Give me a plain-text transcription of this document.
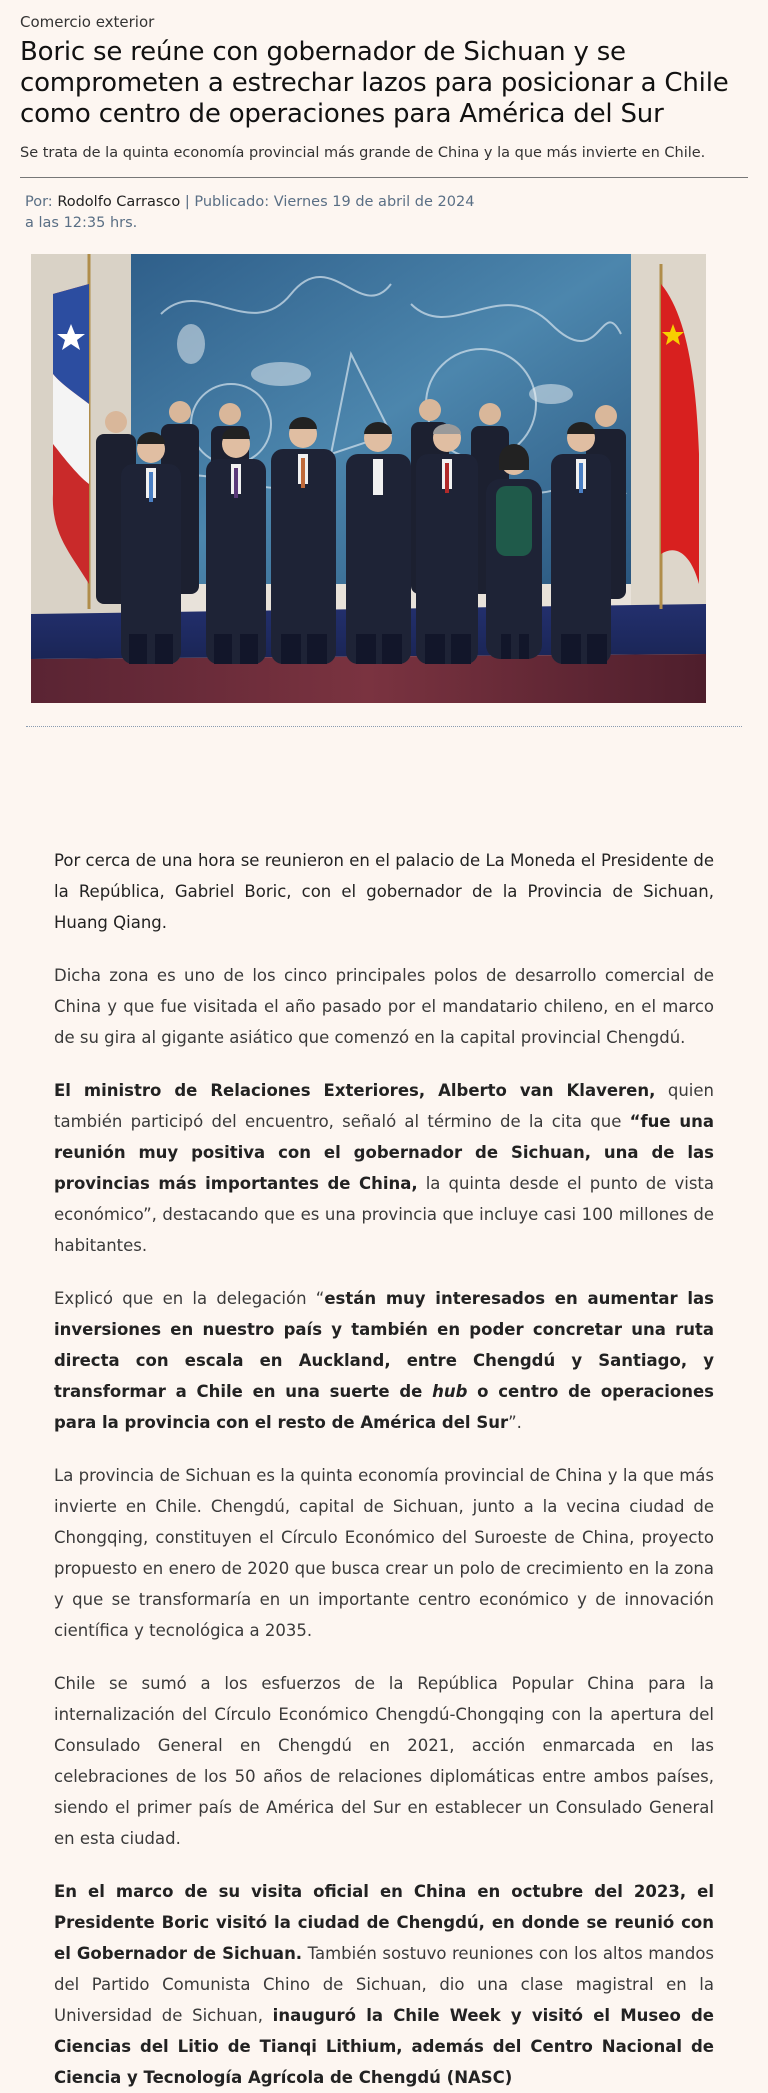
Comercio exterior
Boric se reúne con gobernador de Sichuan y se comprometen a estrechar lazos para posicionar a Chile como centro de operaciones para América del Sur
Se trata de la quinta economía provincial más grande de China y la que más invierte en Chile.
Por: Rodolfo Carrasco | Publicado: Viernes 19 de abril de 2024 a las 12:35 hrs.

Por cerca de una hora se reunieron en el palacio de La Moneda el Presidente de la República, Gabriel Boric, con el gobernador de la Provincia de Sichuan, Huang Qiang.

Dicha zona es uno de los cinco principales polos de desarrollo comercial de China y que fue visitada el año pasado por el mandatario chileno, en el marco de su gira al gigante asiático que comenzó en la capital provincial Chengdú.

El ministro de Relaciones Exteriores, Alberto van Klaveren, quien también participó del encuentro, señaló al término de la cita que “fue una reunión muy positiva con el gobernador de Sichuan, una de las provincias más importantes de China, la quinta desde el punto de vista económico”, destacando que es una provincia que incluye casi 100 millones de habitantes.

Explicó que en la delegación “están muy interesados en aumentar las inversiones en nuestro país y también en poder concretar una ruta directa con escala en Auckland, entre Chengdú y Santiago, y transformar a Chile en una suerte de hub o centro de operaciones para la provincia con el resto de América del Sur”.

La provincia de Sichuan es la quinta economía provincial de China y la que más invierte en Chile. Chengdú, capital de Sichuan, junto a la vecina ciudad de Chongqing, constituyen el Círculo Económico del Suroeste de China, proyecto propuesto en enero de 2020 que busca crear un polo de crecimiento en la zona y que se transformaría en un importante centro económico y de innovación científica y tecnológica a 2035.

Chile se sumó a los esfuerzos de la República Popular China para la internalización del Círculo Económico Chengdú-Chongqing con la apertura del Consulado General en Chengdú en 2021, acción enmarcada en las celebraciones de los 50 años de relaciones diplomáticas entre ambos países, siendo el primer país de América del Sur en establecer un Consulado General en esta ciudad.

En el marco de su visita oficial en China en octubre del 2023, el Presidente Boric visitó la ciudad de Chengdú, en donde se reunió con el Gobernador de Sichuan. También sostuvo reuniones con los altos mandos del Partido Comunista Chino de Sichuan, dio una clase magistral en la Universidad de Sichuan, inauguró la Chile Week y visitó el Museo de Ciencias del Litio de Tianqi Lithium, además del Centro Nacional de Ciencia y Tecnología Agrícola de Chengdú (NASC)
